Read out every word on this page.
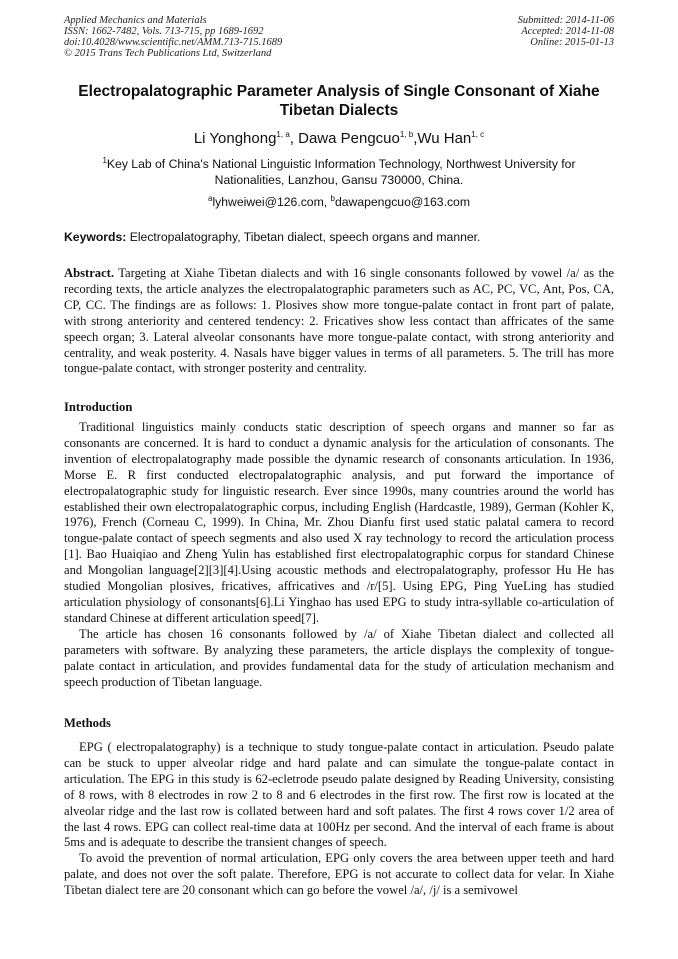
Applied Mechanics and Materials
ISSN: 1662-7482, Vols. 713-715, pp 1689-1692
doi:10.4028/www.scientific.net/AMM.713-715.1689
© 2015 Trans Tech Publications Ltd, Switzerland
Submitted: 2014-11-06
Accepted: 2014-11-08
Online: 2015-01-13
Electropalatographic Parameter Analysis of Single Consonant of Xiahe Tibetan Dialects
Li Yonghong$^{1, a}$, Dawa Pengcuo$^{1, b}$,Wu Han$^{1, c}$
$^1$Key Lab of China's National Linguistic Information Technology, Northwest University for Nationalities, Lanzhou, Gansu 730000, China.
$^a$lyhweiwei@126.com, $^b$dawapengcuo@163.com
Keywords: Electropalatography, Tibetan dialect, speech organs and manner.
Abstract. Targeting at Xiahe Tibetan dialects and with 16 single consonants followed by vowel /a/ as the recording texts, the article analyzes the electropalatographic parameters such as AC, PC, VC, Ant, Pos, CA, CP, CC. The findings are as follows: 1. Plosives show more tongue-palate contact in front part of palate, with strong anteriority and centered tendency: 2. Fricatives show less contact than affricates of the same speech organ; 3. Lateral alveolar consonants have more tongue-palate contact, with strong anteriority and centrality, and weak posterity. 4. Nasals have bigger values in terms of all parameters. 5. The trill has more tongue-palate contact, with stronger posterity and centrality.
Introduction

Traditional linguistics mainly conducts static description of speech organs and manner so far as consonants are concerned. It is hard to conduct a dynamic analysis for the articulation of consonants. The invention of electropalatography made possible the dynamic research of consonants articulation. In 1936, Morse E. R first conducted electropalatographic analysis, and put forward the importance of electropalatographic study for linguistic research. Ever since 1990s, many countries around the world has established their own electropalatographic corpus, including English (Hardcastle, 1989), German (Kohler K, 1976), French (Corneau C, 1999). In China, Mr. Zhou Dianfu first used static palatal camera to record tongue-palate contact of speech segments and also used X ray technology to record the articulation process [1]. Bao Huaiqiao and Zheng Yulin has established first electropalatographic corpus for standard Chinese and Mongolian language[2][3][4].Using acoustic methods and electropalatography, professor Hu He has studied Mongolian plosives, fricatives, affricatives and /r/[5]. Using EPG, Ping YueLing has studied articulation physiology of consonants[6].Li Yinghao has used EPG to study intra-syllable co-articulation of standard Chinese at different articulation speed[7].

The article has chosen 16 consonants followed by /a/ of Xiahe Tibetan dialect and collected all parameters with software. By analyzing these parameters, the article displays the complexity of tongue-palate contact in articulation, and provides fundamental data for the study of articulation mechanism and speech production of Tibetan language.

Methods

EPG ( electropalatography) is a technique to study tongue-palate contact in articulation. Pseudo palate can be stuck to upper alveolar ridge and hard palate and can simulate the tongue-palate contact in articulation. The EPG in this study is 62-ecletrode pseudo palate designed by Reading University, consisting of 8 rows, with 8 electrodes in row 2 to 8 and 6 electrodes in the first row. The first row is located at the alveolar ridge and the last row is collated between hard and soft palates. The first 4 rows cover 1/2 area of the last 4 rows. EPG can collect real-time data at 100Hz per second. And the interval of each frame is about 5ms and is adequate to describe the transient changes of speech.

To avoid the prevention of normal articulation, EPG only covers the area between upper teeth and hard palate, and does not over the soft palate. Therefore, EPG is not accurate to collect data for velar. In Xiahe Tibetan dialect tere are 20 consonant which can go before the vowel /a/, /j/ is a semivowel
